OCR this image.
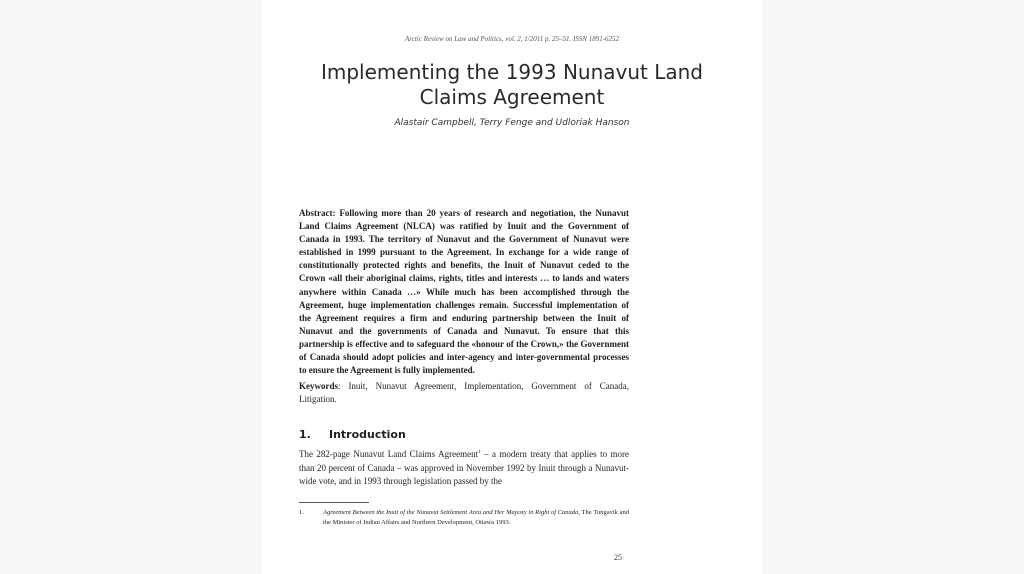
Arctic Review on Law and Politics, vol. 2, 1/2011 p. 25–51. ISSN 1891-6252
Implementing the 1993 Nunavut Land
Claims Agreement
Alastair Campbell, Terry Fenge and Udloriak Hanson
Abstract: Following more than 20 years of research and negotiation, the Nunavut Land Claims Agreement (NLCA) was ratified by Inuit and the Government of Canada in 1993. The territory of Nunavut and the Government of Nunavut were established in 1999 pursuant to the Agreement. In exchange for a wide range of constitutionally protected rights and benefits, the Inuit of Nunavut ceded to the Crown «all their aboriginal claims, rights, titles and interests … to lands and waters anywhere within Canada …» While much has been accomplished through the Agreement, huge implementation challenges remain. Successful implementation of the Agreement requires a firm and enduring partnership between the Inuit of Nunavut and the governments of Canada and Nunavut. To ensure that this partnership is effective and to safeguard the «honour of the Crown,» the Government of Canada should adopt policies and inter-agency and inter-governmental processes to ensure the Agreement is fully implemented.
Keywords: Inuit, Nunavut Agreement, Implementation, Government of Canada, Litigation.
1. Introduction
The 282-page Nunavut Land Claims Agreement$^1$ – a modern treaty that applies to more than 20 percent of Canada – was approved in November 1992 by Inuit through a Nunavut-wide vote, and in 1993 through legislation passed by the
1.	Agreement Between the Inuit of the Nunavut Settlement Area and Her Majesty in Right of Canada, The Tungavik and the Minister of Indian Affairs and Northern Development, Ottawa 1993.
25
